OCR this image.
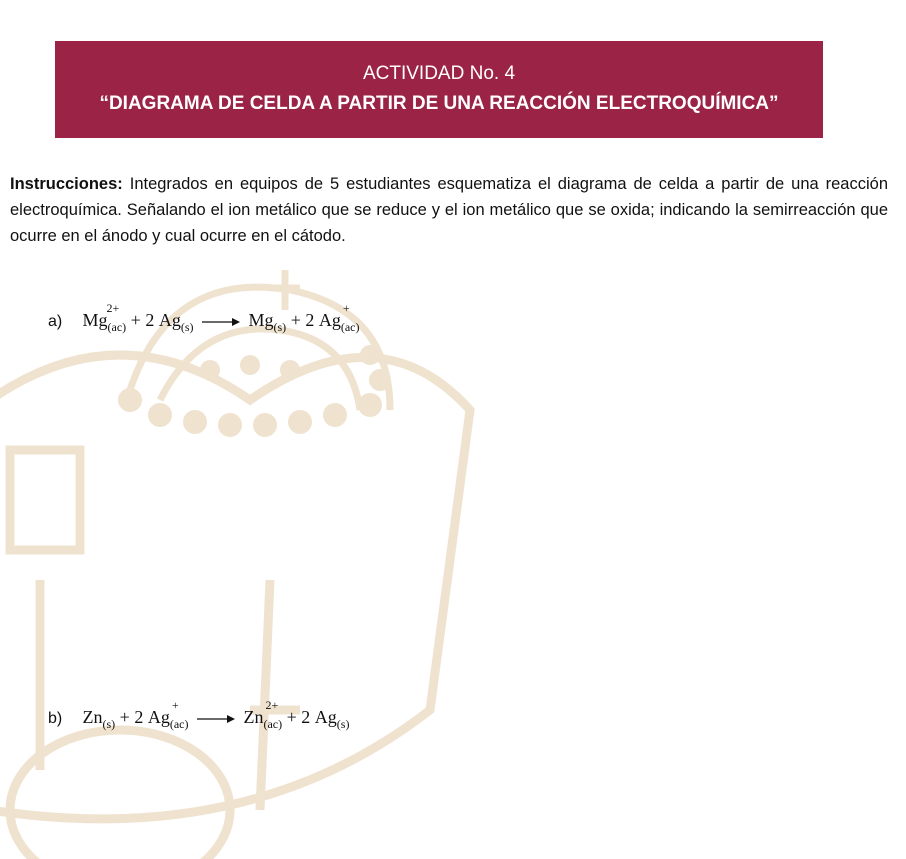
ACTIVIDAD No. 4
“DIAGRAMA DE CELDA A PARTIR DE UNA REACCIÓN ELECTROQUÍMICA”
Instrucciones: Integrados en equipos de 5 estudiantes esquematiza el diagrama de celda a partir de una reacción electroquímica. Señalando el ion metálico que se reduce y el ion metálico que se oxida; indicando la semirreacción que ocurre en el ánodo y cual ocurre en el cátodo.
a) Mg
2+
(ac) + 2 Ag(s) → Mg(s) + 2 Ag
+
(ac)
b) Zn(s) + 2 Ag
+
(ac) → Zn
2+
(ac) + 2 Ag(s)
